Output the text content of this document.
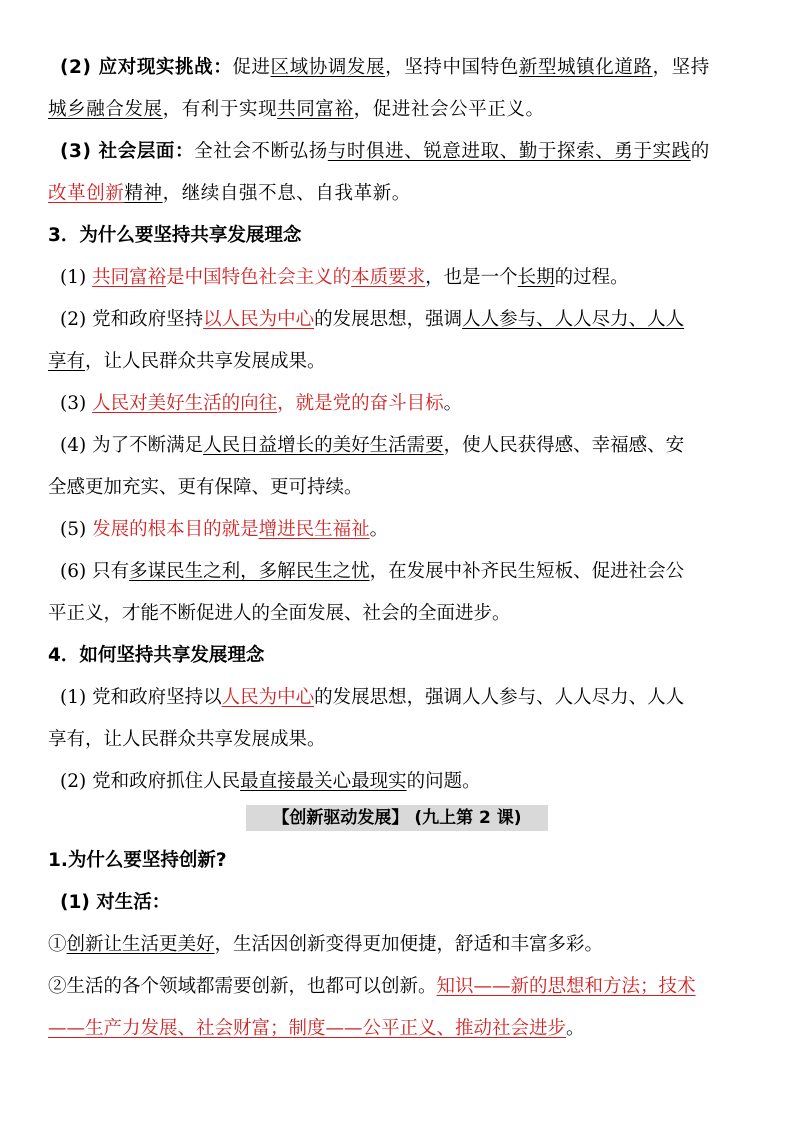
(2) 应对现实挑战：促进区域协调发展，坚持中国特色新型城镇化道路，坚持
城乡融合发展，有利于实现共同富裕，促进社会公平正义。
(3) 社会层面：全社会不断弘扬与时俱进、锐意进取、勤于探索、勇于实践的
改革创新精神，继续自强不息、自我革新。
3．为什么要坚持共享发展理念
(1) 共同富裕是中国特色社会主义的本质要求，也是一个长期的过程。
(2) 党和政府坚持以人民为中心的发展思想，强调人人参与、人人尽力、人人
享有，让人民群众共享发展成果。
(3) 人民对美好生活的向往，就是党的奋斗目标。
(4) 为了不断满足人民日益增长的美好生活需要，使人民获得感、幸福感、安
全感更加充实、更有保障、更可持续。
(5) 发展的根本目的就是增进民生福祉。
(6) 只有多谋民生之利，多解民生之忧，在发展中补齐民生短板、促进社会公
平正义，才能不断促进人的全面发展、社会的全面进步。
4．如何坚持共享发展理念
(1) 党和政府坚持以人民为中心的发展思想，强调人人参与、人人尽力、人人
享有，让人民群众共享发展成果。
(2) 党和政府抓住人民最直接最关心最现实的问题。
【创新驱动发展】 (九上第 2 课)
1.为什么要坚持创新?
(1) 对生活：
①创新让生活更美好，生活因创新变得更加便捷，舒适和丰富多彩。
②生活的各个领域都需要创新，也都可以创新。知识——新的思想和方法；技术
——生产力发展、社会财富；制度——公平正义、推动社会进步。
